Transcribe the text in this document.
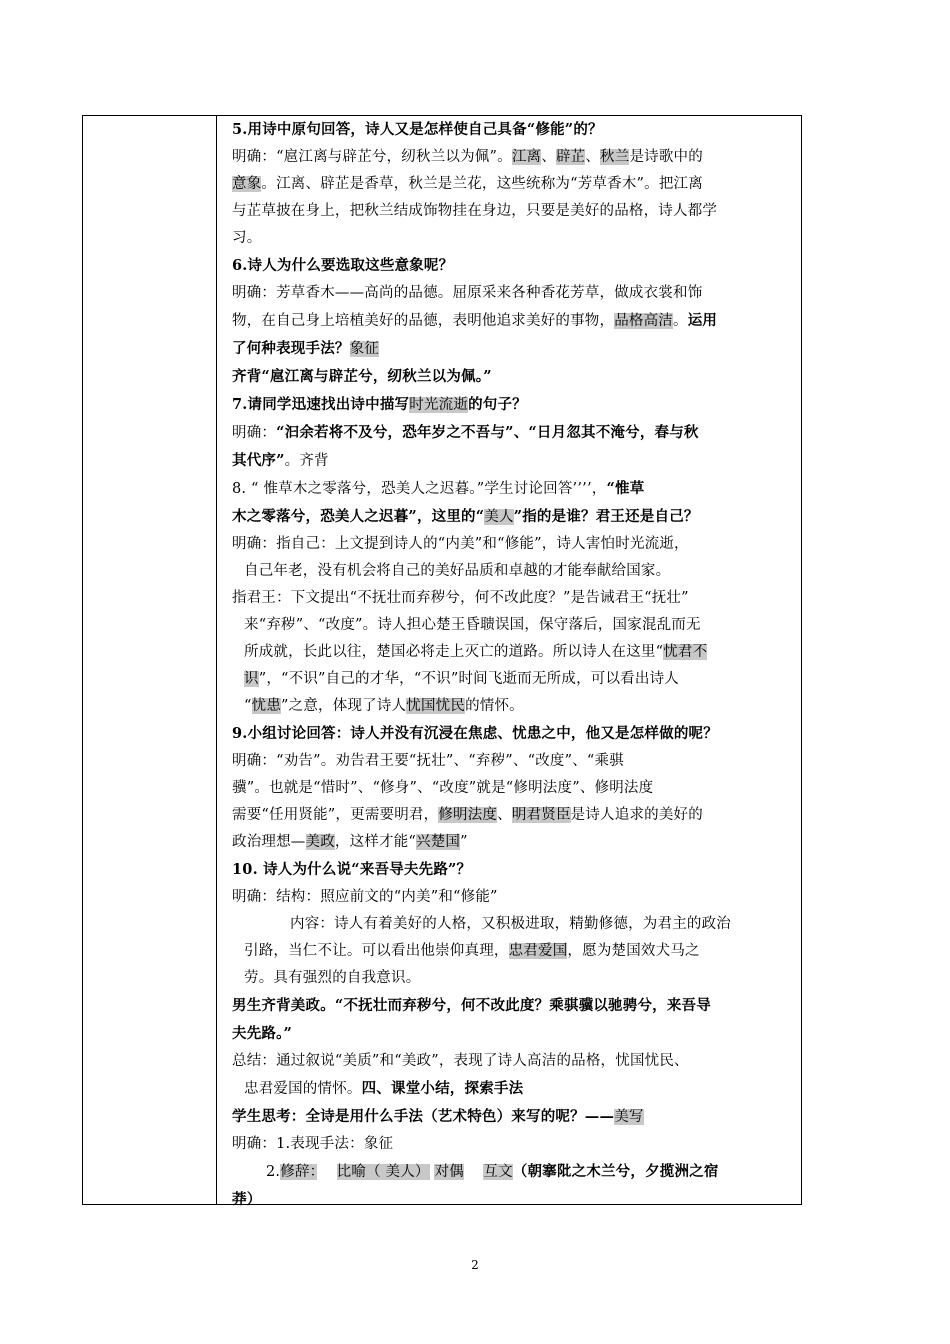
5.用诗中原句回答，诗人又是怎样使自己具备“修能”的？
明确：“扈江离与辟芷兮，纫秋兰以为佩”。江离、辟芷、秋兰是诗歌中的
意象。江离、辟芷是香草，秋兰是兰花，这些统称为“芳草香木”。把江离
与芷草披在身上，把秋兰结成饰物挂在身边，只要是美好的品格，诗人都学
习。
6.诗人为什么要选取这些意象呢？
明确：芳草香木——高尚的品德。屈原采来各种香花芳草，做成衣裳和饰
物，在自己身上培植美好的品德，表明他追求美好的事物，品格高洁。运用
了何种表现手法？象征
齐背“扈江离与辟芷兮，纫秋兰以为佩。”
7.请同学迅速找出诗中描写时光流逝的句子？
明确：“汩余若将不及兮，恐年岁之不吾与”、“日月忽其不淹兮，春与秋
其代序”。齐背
8. “ 惟草木之零落兮，恐美人之迟暮。”学生讨论回答’’’’，“惟草
木之零落兮，恐美人之迟暮”，这里的“美人”指的是谁？君王还是自己？
明确：指自己：上文提到诗人的“内美”和“修能”，诗人害怕时光流逝，
自己年老，没有机会将自己的美好品质和卓越的才能奉献给国家。
指君王：下文提出“不抚壮而弃秽兮，何不改此度？”是告诫君王“抚壮”
来“弃秽”、“改度”。诗人担心楚王昏聩误国，保守落后，国家混乱而无
所成就，长此以往，楚国必将走上灭亡的道路。所以诗人在这里“忧君不
识”，“不识”自己的才华，“不识”时间飞逝而无所成，可以看出诗人
“忧患”之意，体现了诗人忧国忧民的情怀。
9.小组讨论回答：诗人并没有沉浸在焦虑、忧患之中，他又是怎样做的呢？
明确：“劝告”。劝告君王要“抚壮”、“弃秽”、“改度”、“乘骐
骥”。也就是“惜时”、“修身”、“改度”就是“修明法度”、修明法度
需要“任用贤能”，更需要明君，修明法度、明君贤臣是诗人追求的美好的
政治理想—美政，这样才能“兴楚国”
10. 诗人为什么说“来吾导夫先路”？
明确：结构：照应前文的“内美”和“修能”
内容：诗人有着美好的人格，又积极进取，精勤修德，为君主的政治
引路，当仁不让。可以看出他崇仰真理，忠君爱国，愿为楚国效犬马之
劳。具有强烈的自我意识。
男生齐背美政。“不抚壮而弃秽兮，何不改此度？乘骐骥以驰骋兮，来吾导
夫先路。”
总结：通过叙说“美质”和“美政”，表现了诗人高洁的品格，忧国忧民、
忠君爱国的情怀。四、课堂小结，探索手法
学生思考：全诗是用什么手法（艺术特色）来写的呢？——美写
明确：1.表现手法：象征
2.修辞：　 比喻（ 美人） 对偶　 互文（朝搴阰之木兰兮，夕揽洲之宿
莽）
2
